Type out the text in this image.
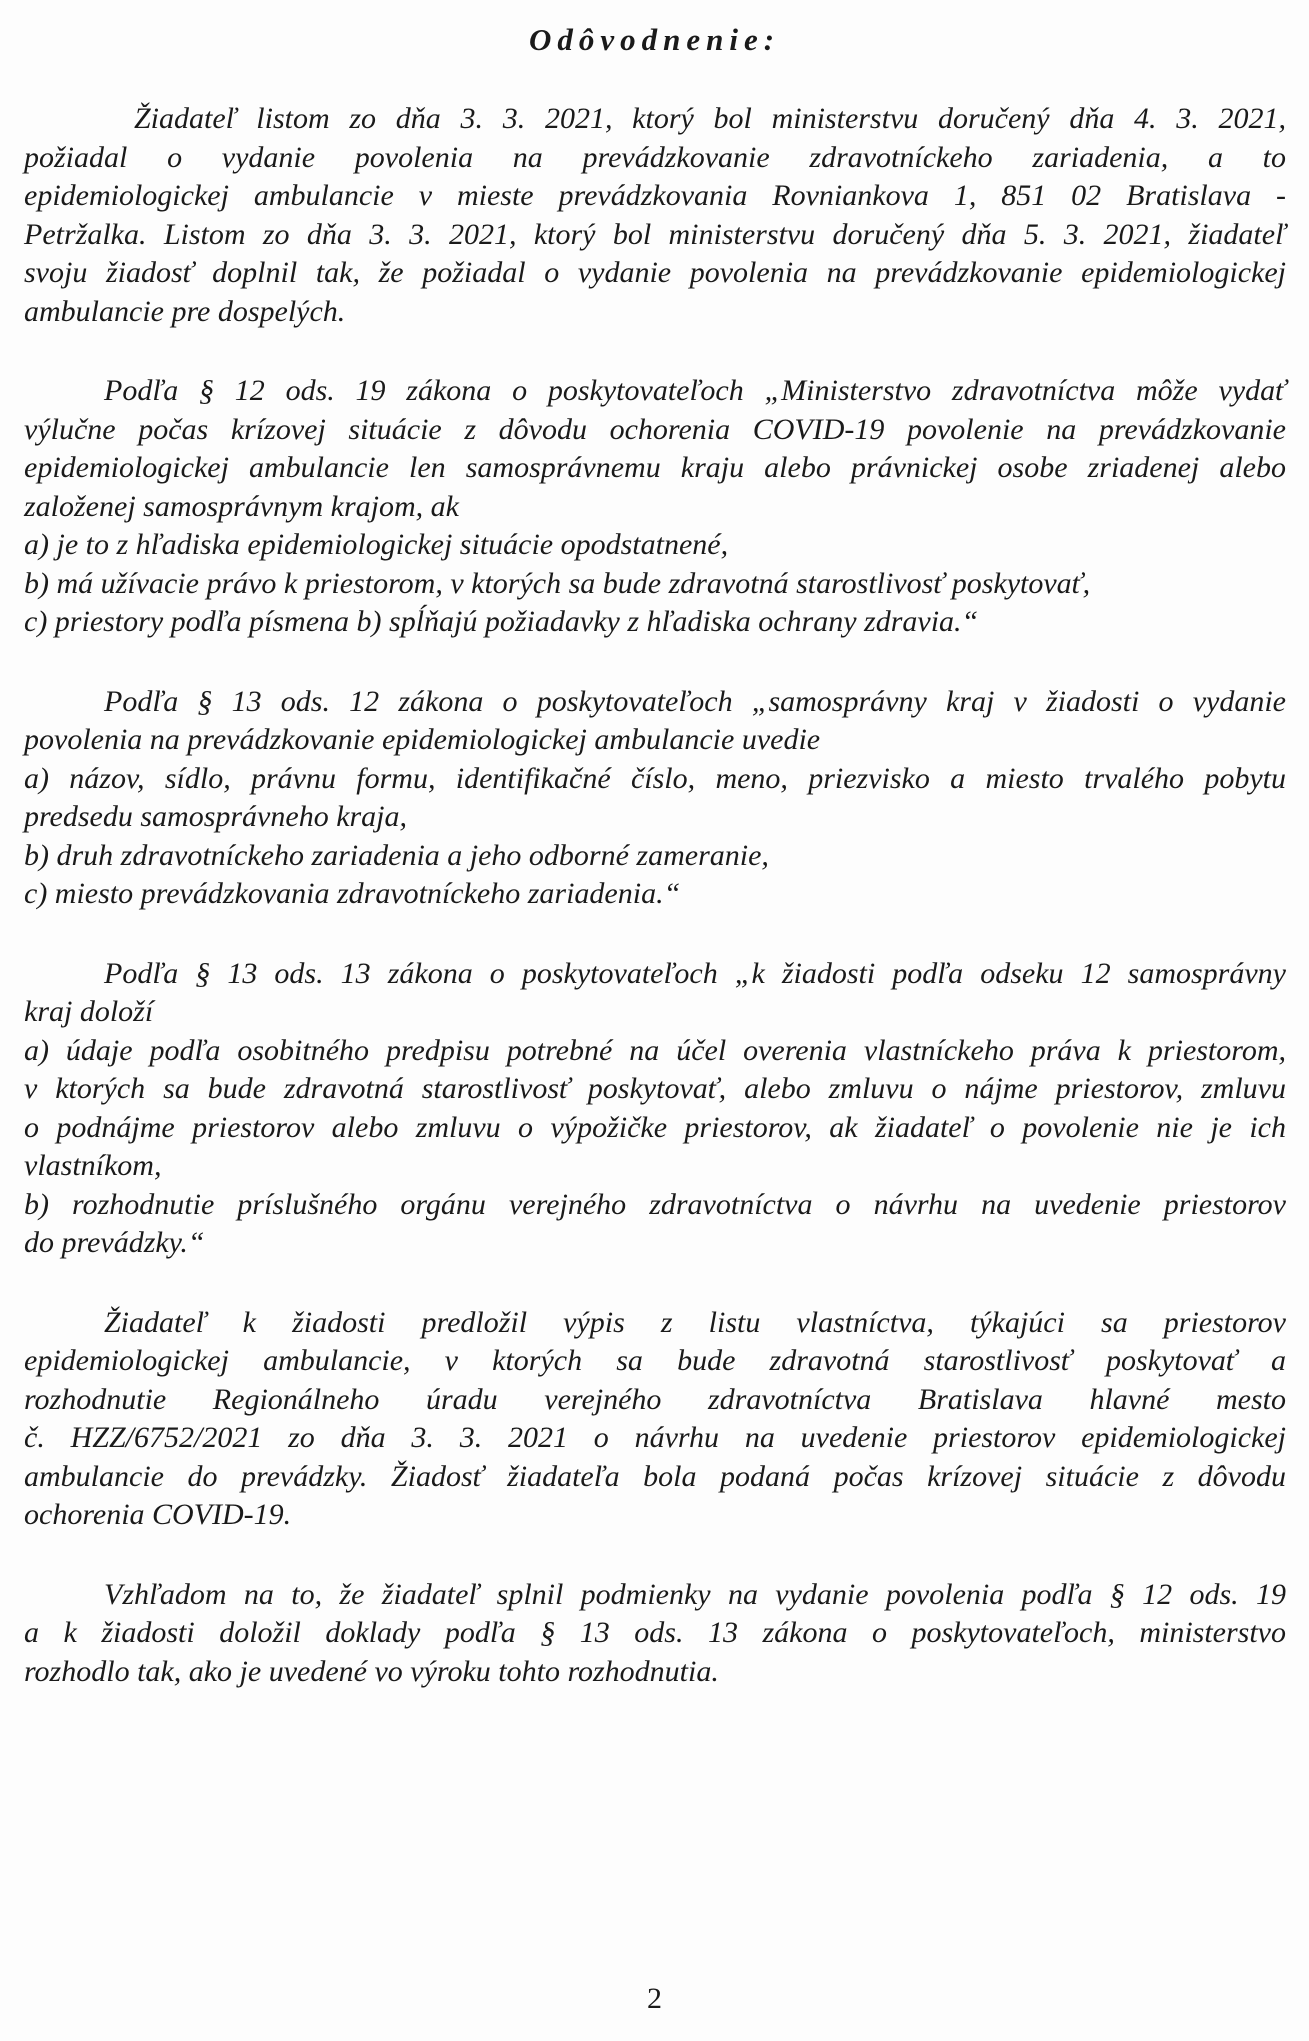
Odôvodnenie:
Žiadateľ listom zo dňa 3. 3. 2021, ktorý bol ministerstvu doručený dňa 4. 3. 2021,
požiadal o vydanie povolenia na prevádzkovanie zdravotníckeho zariadenia, a to
epidemiologickej ambulancie v mieste prevádzkovania Rovniankova 1, 851 02 Bratislava -
Petržalka. Listom zo dňa 3. 3. 2021, ktorý bol ministerstvu doručený dňa 5. 3. 2021, žiadateľ
svoju žiadosť doplnil tak, že požiadal o vydanie povolenia na prevádzkovanie epidemiologickej
ambulancie pre dospelých.
Podľa § 12 ods. 19 zákona o poskytovateľoch „Ministerstvo zdravotníctva môže vydať
výlučne počas krízovej situácie z dôvodu ochorenia COVID-19 povolenie na prevádzkovanie
epidemiologickej ambulancie len samosprávnemu kraju alebo právnickej osobe zriadenej alebo
založenej samosprávnym krajom, ak
a) je to z hľadiska epidemiologickej situácie opodstatnené,
b) má užívacie právo k priestorom, v ktorých sa bude zdravotná starostlivosť poskytovať,
c) priestory podľa písmena b) spĺňajú požiadavky z hľadiska ochrany zdravia.“
Podľa § 13 ods. 12 zákona o poskytovateľoch „samosprávny kraj v žiadosti o vydanie
povolenia na prevádzkovanie epidemiologickej ambulancie uvedie
a) názov, sídlo, právnu formu, identifikačné číslo, meno, priezvisko a miesto trvalého pobytu
predsedu samosprávneho kraja,
b) druh zdravotníckeho zariadenia a jeho odborné zameranie,
c) miesto prevádzkovania zdravotníckeho zariadenia.“
Podľa § 13 ods. 13 zákona o poskytovateľoch „k žiadosti podľa odseku 12 samosprávny
kraj doloží
a) údaje podľa osobitného predpisu potrebné na účel overenia vlastníckeho práva k priestorom,
v ktorých sa bude zdravotná starostlivosť poskytovať, alebo zmluvu o nájme priestorov, zmluvu
o podnájme priestorov alebo zmluvu o výpožičke priestorov, ak žiadateľ o povolenie nie je ich
vlastníkom,
b) rozhodnutie príslušného orgánu verejného zdravotníctva o návrhu na uvedenie priestorov
do prevádzky.“
Žiadateľ k žiadosti predložil výpis z listu vlastníctva, týkajúci sa priestorov
epidemiologickej ambulancie, v ktorých sa bude zdravotná starostlivosť poskytovať a
rozhodnutie Regionálneho úradu verejného zdravotníctva Bratislava hlavné mesto
č. HZZ/6752/2021 zo dňa 3. 3. 2021 o návrhu na uvedenie priestorov epidemiologickej
ambulancie do prevádzky. Žiadosť žiadateľa bola podaná počas krízovej situácie z dôvodu
ochorenia COVID-19.
Vzhľadom na to, že žiadateľ splnil podmienky na vydanie povolenia podľa § 12 ods. 19
a k žiadosti doložil doklady podľa § 13 ods. 13 zákona o poskytovateľoch, ministerstvo
rozhodlo tak, ako je uvedené vo výroku tohto rozhodnutia.
2
